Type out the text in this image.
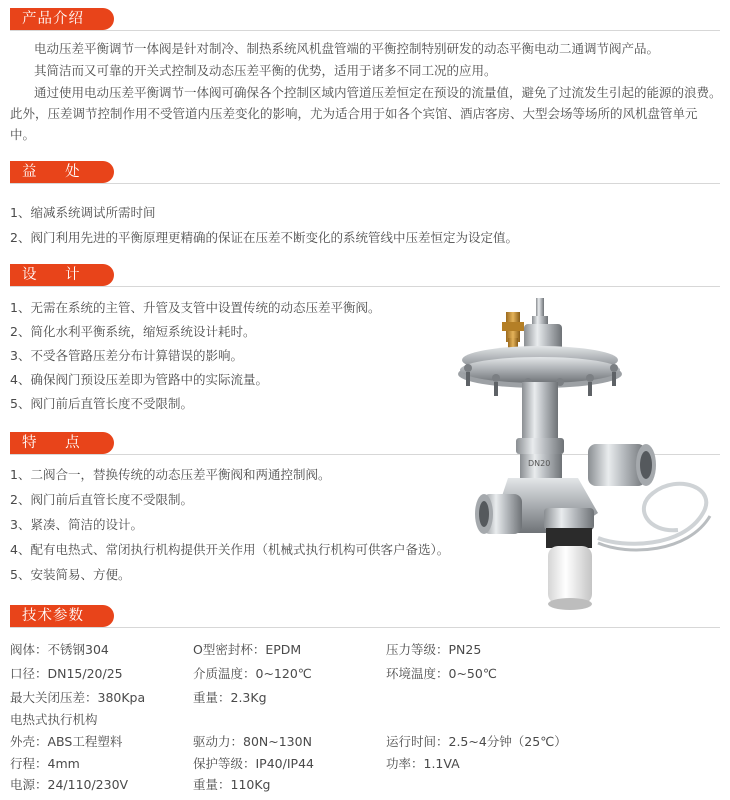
产品介绍
电动压差平衡调节一体阀是针对制冷、制热系统风机盘管端的平衡控制特别研发的动态平衡电动二通调节阀产品。
其简洁而又可靠的开关式控制及动态压差平衡的优势，适用于诸多不同工况的应用。
通过使用电动压差平衡调节一体阀可确保各个控制区域内管道压差恒定在预设的流量值，避免了过流发生引起的能源的浪费。此外，压差调节控制作用不受管道内压差变化的影响，尤为适合用于如各个宾馆、酒店客房、大型会场等场所的风机盘管单元中。
益 处
1、缩减系统调试所需时间
2、阀门利用先进的平衡原理更精确的保证在压差不断变化的系统管线中压差恒定为设定值。
设 计
1、无需在系统的主管、升管及支管中设置传统的动态压差平衡阀。
2、简化水利平衡系统，缩短系统设计耗时。
3、不受各管路压差分布计算错误的影响。
4、确保阀门预设压差即为管路中的实际流量。
5、阀门前后直管长度不受限制。
特 点
1、二阀合一，替换传统的动态压差平衡阀和两通控制阀。
2、阀门前后直管长度不受限制。
3、紧凑、简洁的设计。
4、配有电热式、常闭执行机构提供开关作用（机械式执行机构可供客户备选）。
5、安装简易、方便。
技术参数
阀体：不锈钢304	O型密封杯：EPDM	压力等级：PN25
口径：DN15/20/25	介质温度：0~120℃	环境温度：0~50℃
最大关闭压差：380Kpa	重量：2.3Kg
电热式执行机构
外壳：ABS工程塑料	驱动力：80N~130N	运行时间：2.5~4分钟（25℃）
行程：4mm	保护等级：IP40/IP44	功率：1.1VA
电源：24/110/230V	重量：110Kg
DN20
